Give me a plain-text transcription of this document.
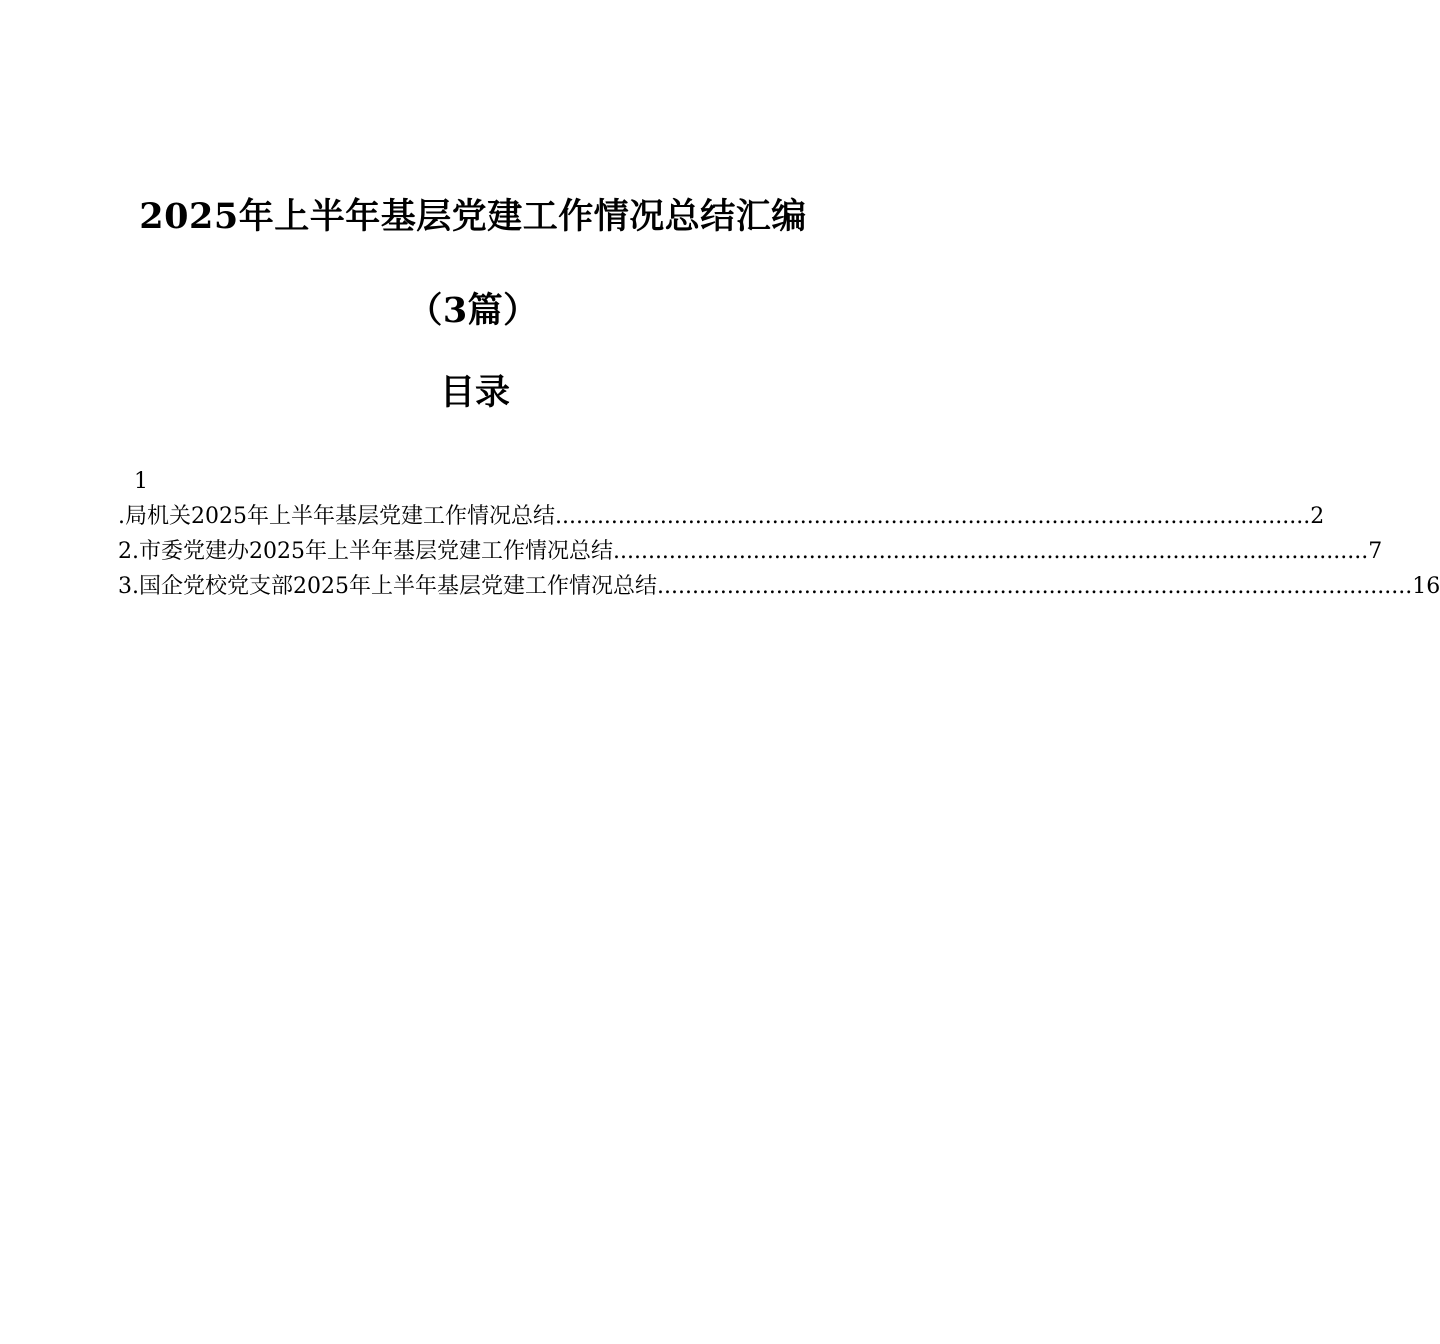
2025年上半年基层党建工作情况总结汇编（3篇）
目录
1
.局机关2025年上半年基层党建工作情况总结 ............................................................................................................ 2
2.市委党建办2025年上半年基层党建工作情况总结 ............................................................................................................ 7
3.国企党校党支部2025年上半年基层党建工作情况总结 ............................................................................................................ 16
